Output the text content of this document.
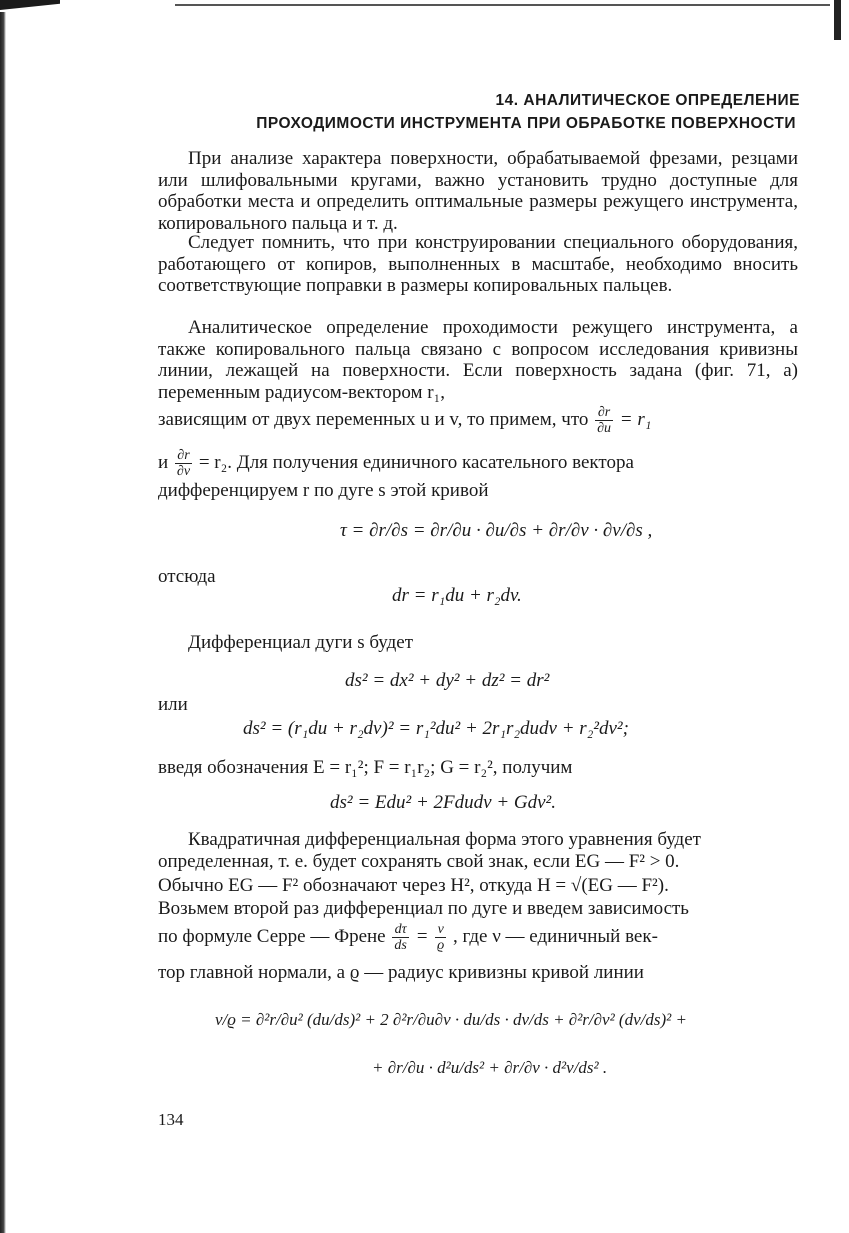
14. АНАЛИТИЧЕСКОЕ ОПРЕДЕЛЕНИЕ
ПРОХОДИМОСТИ ИНСТРУМЕНТА ПРИ ОБРАБОТКЕ ПОВЕРХНОСТИ
При анализе характера поверхности, обрабатываемой фрезами, резцами или шлифовальными кругами, важно установить трудно доступные для обработки места и определить оптимальные размеры режущего инструмента, копировального пальца и т. д.
Следует помнить, что при конструировании специального оборудования, работающего от копиров, выполненных в масштабе, необходимо вносить соответствующие поправки в размеры копировальных пальцев.
Аналитическое определение проходимости режущего инструмента, а также копировального пальца связано с вопросом исследования кривизны линии, лежащей на поверхности. Если поверхность задана (фиг. 71, а) переменным радиусом-вектором r₁,
зависящим от двух переменных u и v, то примем, что $\frac{\partial r}{\partial u} = r_1$
и $\frac{\partial r}{\partial v} = r_2$. Для получения единичного касательного вектора
дифференцируем r по дуге s этой кривой
τ = ∂r/∂s = ∂r/∂u · ∂u/∂s + ∂r/∂v · ∂v/∂s ,
отсюда
dr = r₁du + r₂dv.
Дифференциал дуги s будет
ds² = dx² + dy² + dz² = dr²
или
ds² = (r₁du + r₂dv)² = r₁²du² + 2r₁r₂dudv + r₂²dv²;
введя обозначения E = r₁²; F = r₁r₂; G = r₂², получим
ds² = Edu² + 2Fdudv + Gdv².
Квадратичная дифференциальная форма этого уравнения будет
определенная, т. е. будет сохранять свой знак, если EG — F² > 0.
Обычно EG — F² обозначают через H², откуда H = √(EG — F²).
Возьмем второй раз дифференциал по дуге и введем зависимость
по формуле Серре — Френе $\frac{d\tau}{ds} = \frac{\nu}{ϱ}$ , где ν — единичный век-
тор главной нормали, а ϱ — радиус кривизны кривой линии
ν/ϱ = ∂²r/∂u² (du/ds)² + 2 ∂²r/∂u∂v · du/ds · dv/ds + ∂²r/∂v² (dv/ds)² +
+ ∂r/∂u · d²u/ds² + ∂r/∂v · d²v/ds² .
134
